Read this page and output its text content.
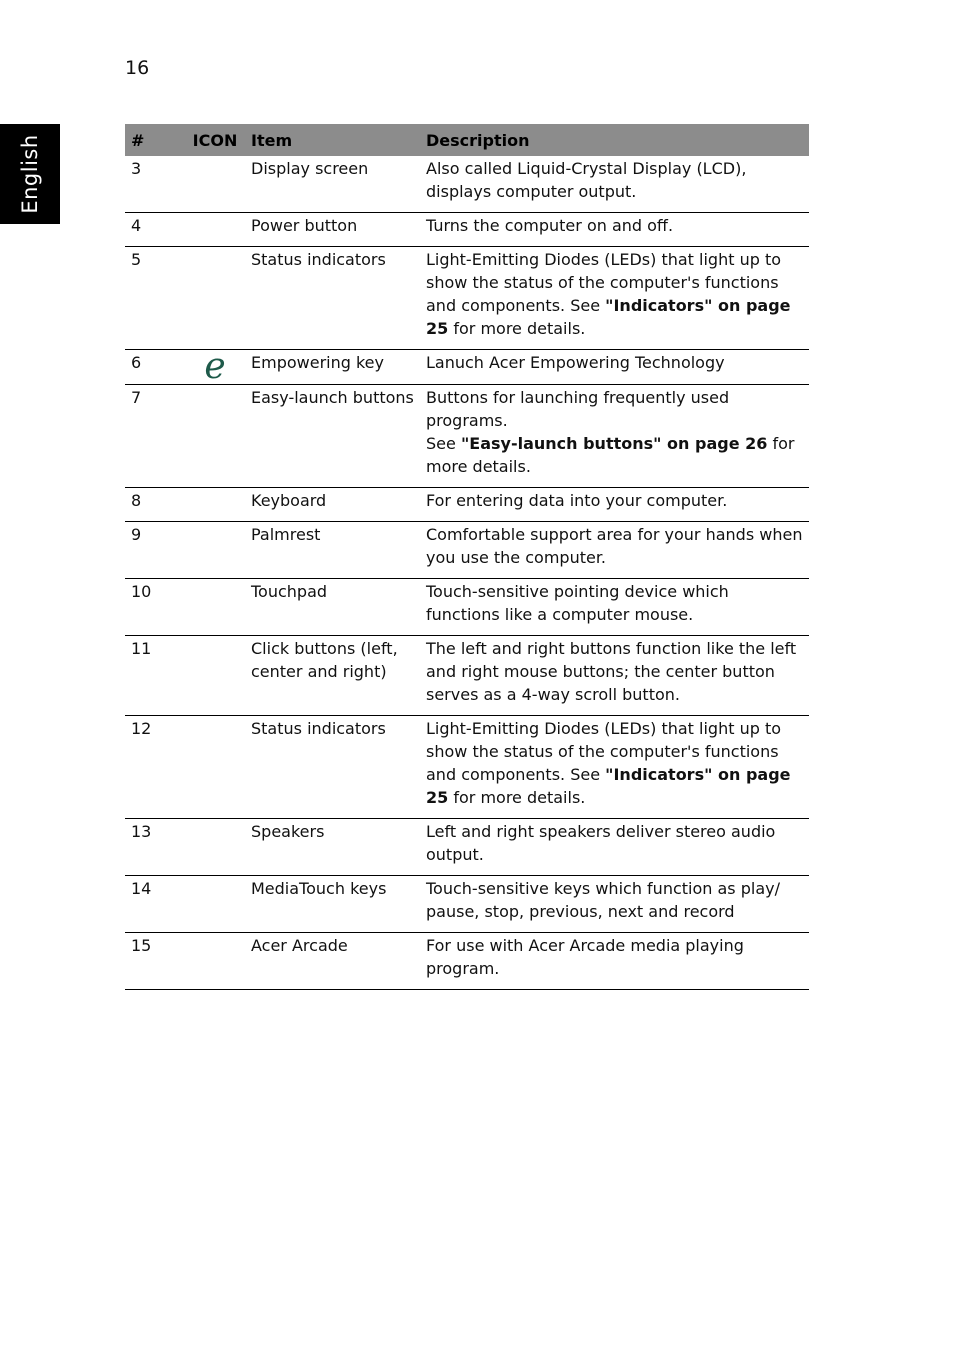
16
English	#	ICON	Item	Description
3		Display screen	Also called Liquid-Crystal Display (LCD), displays computer output.
4		Power button	Turns the computer on and off.
5		Status indicators	Light-Emitting Diodes (LEDs) that light up to show the status of the computer's functions and components. See "Indicators" on page 25 for more details.
6	e	Empowering key	Lanuch Acer Empowering Technology
7		Easy-launch buttons	Buttons for launching frequently used programs.
See "Easy-launch buttons" on page 26 for more details.
8		Keyboard	For entering data into your computer.
9		Palmrest	Comfortable support area for your hands when you use the computer.
10		Touchpad	Touch-sensitive pointing device which functions like a computer mouse.
11		Click buttons (left, center and right)	The left and right buttons function like the left and right mouse buttons; the center button serves as a 4-way scroll button.
12		Status indicators	Light-Emitting Diodes (LEDs) that light up to show the status of the computer's functions and components. See "Indicators" on page 25 for more details.
13		Speakers	Left and right speakers deliver stereo audio output.
14		MediaTouch keys	Touch-sensitive keys which function as play/ pause, stop, previous, next and record
15		Acer Arcade	For use with Acer Arcade media playing program.
